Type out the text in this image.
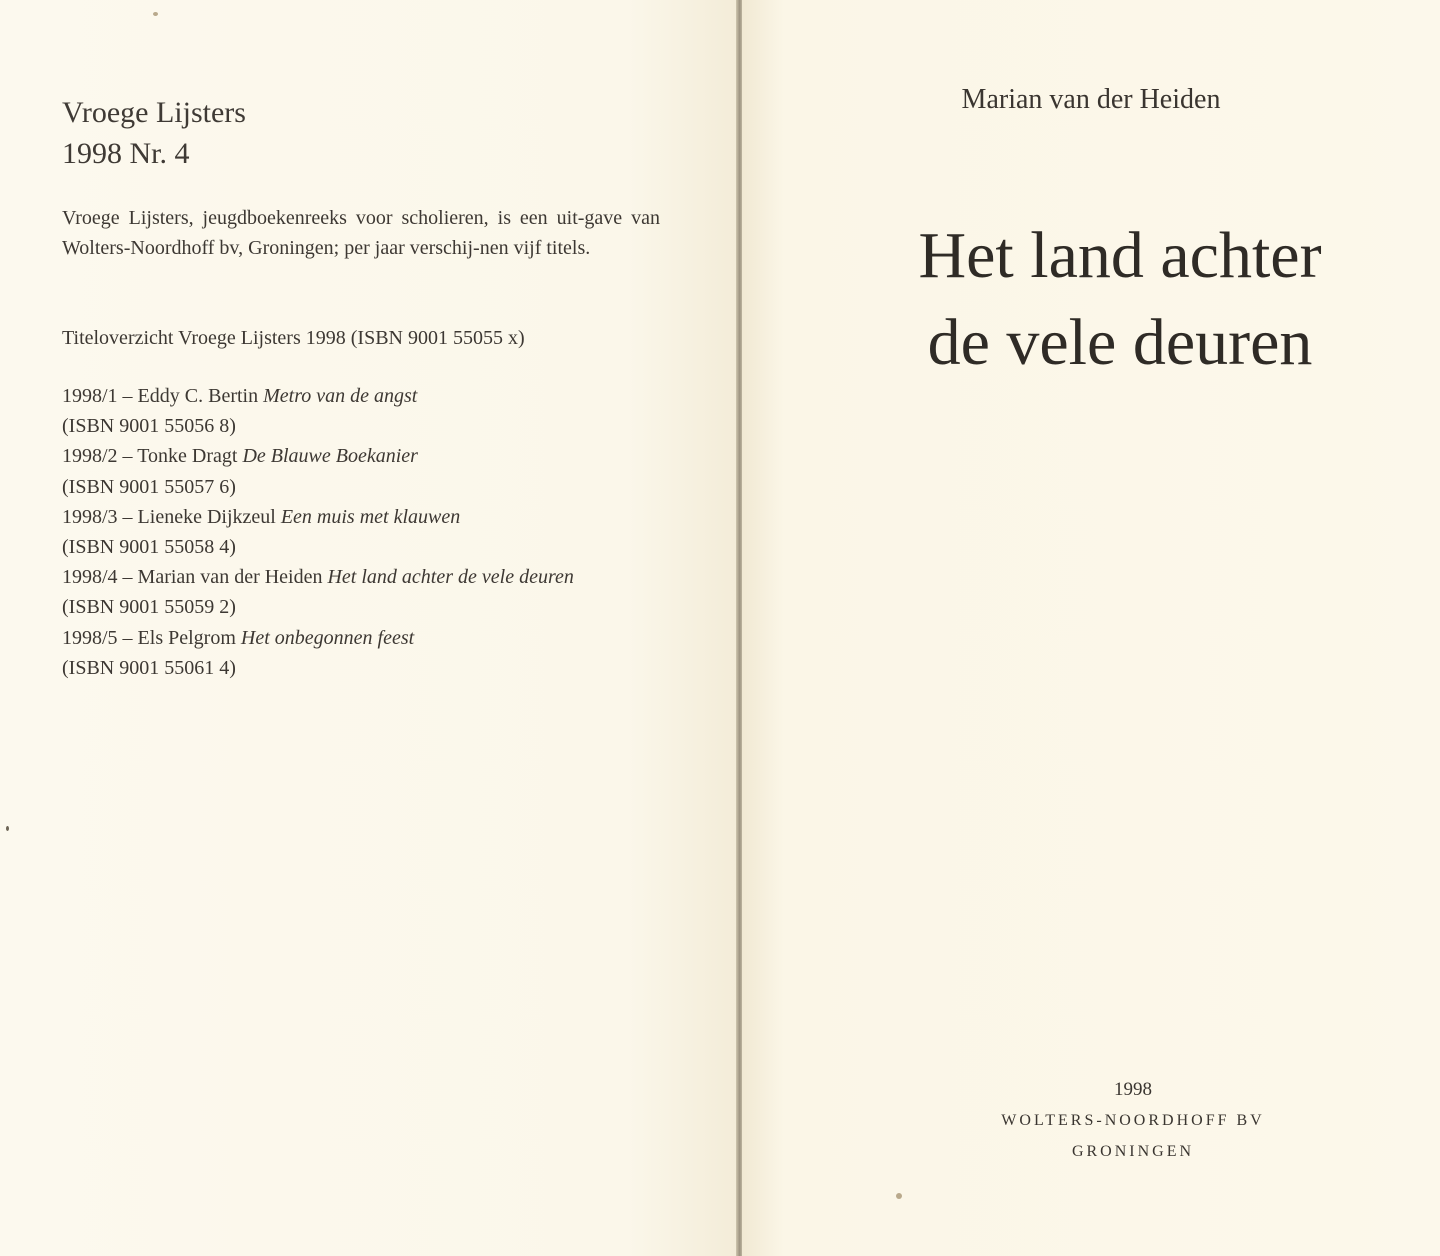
Vroege Lijsters
1998 Nr. 4
Vroege Lijsters, jeugdboekenreeks voor scholieren, is een uit-gave van Wolters-Noordhoff bv, Groningen; per jaar verschij-nen vijf titels.
Titeloverzicht Vroege Lijsters 1998 (ISBN 9001 55055 x)
1998/1 – Eddy C. Bertin Metro van de angst
(ISBN 9001 55056 8)
1998/2 – Tonke Dragt De Blauwe Boekanier
(ISBN 9001 55057 6)
1998/3 – Lieneke Dijkzeul Een muis met klauwen
(ISBN 9001 55058 4)
1998/4 – Marian van der Heiden Het land achter de vele deuren
(ISBN 9001 55059 2)
1998/5 – Els Pelgrom Het onbegonnen feest
(ISBN 9001 55061 4)
Marian van der Heiden
Het land achter
de vele deuren
1998
WOLTERS-NOORDHOFF BV
GRONINGEN
